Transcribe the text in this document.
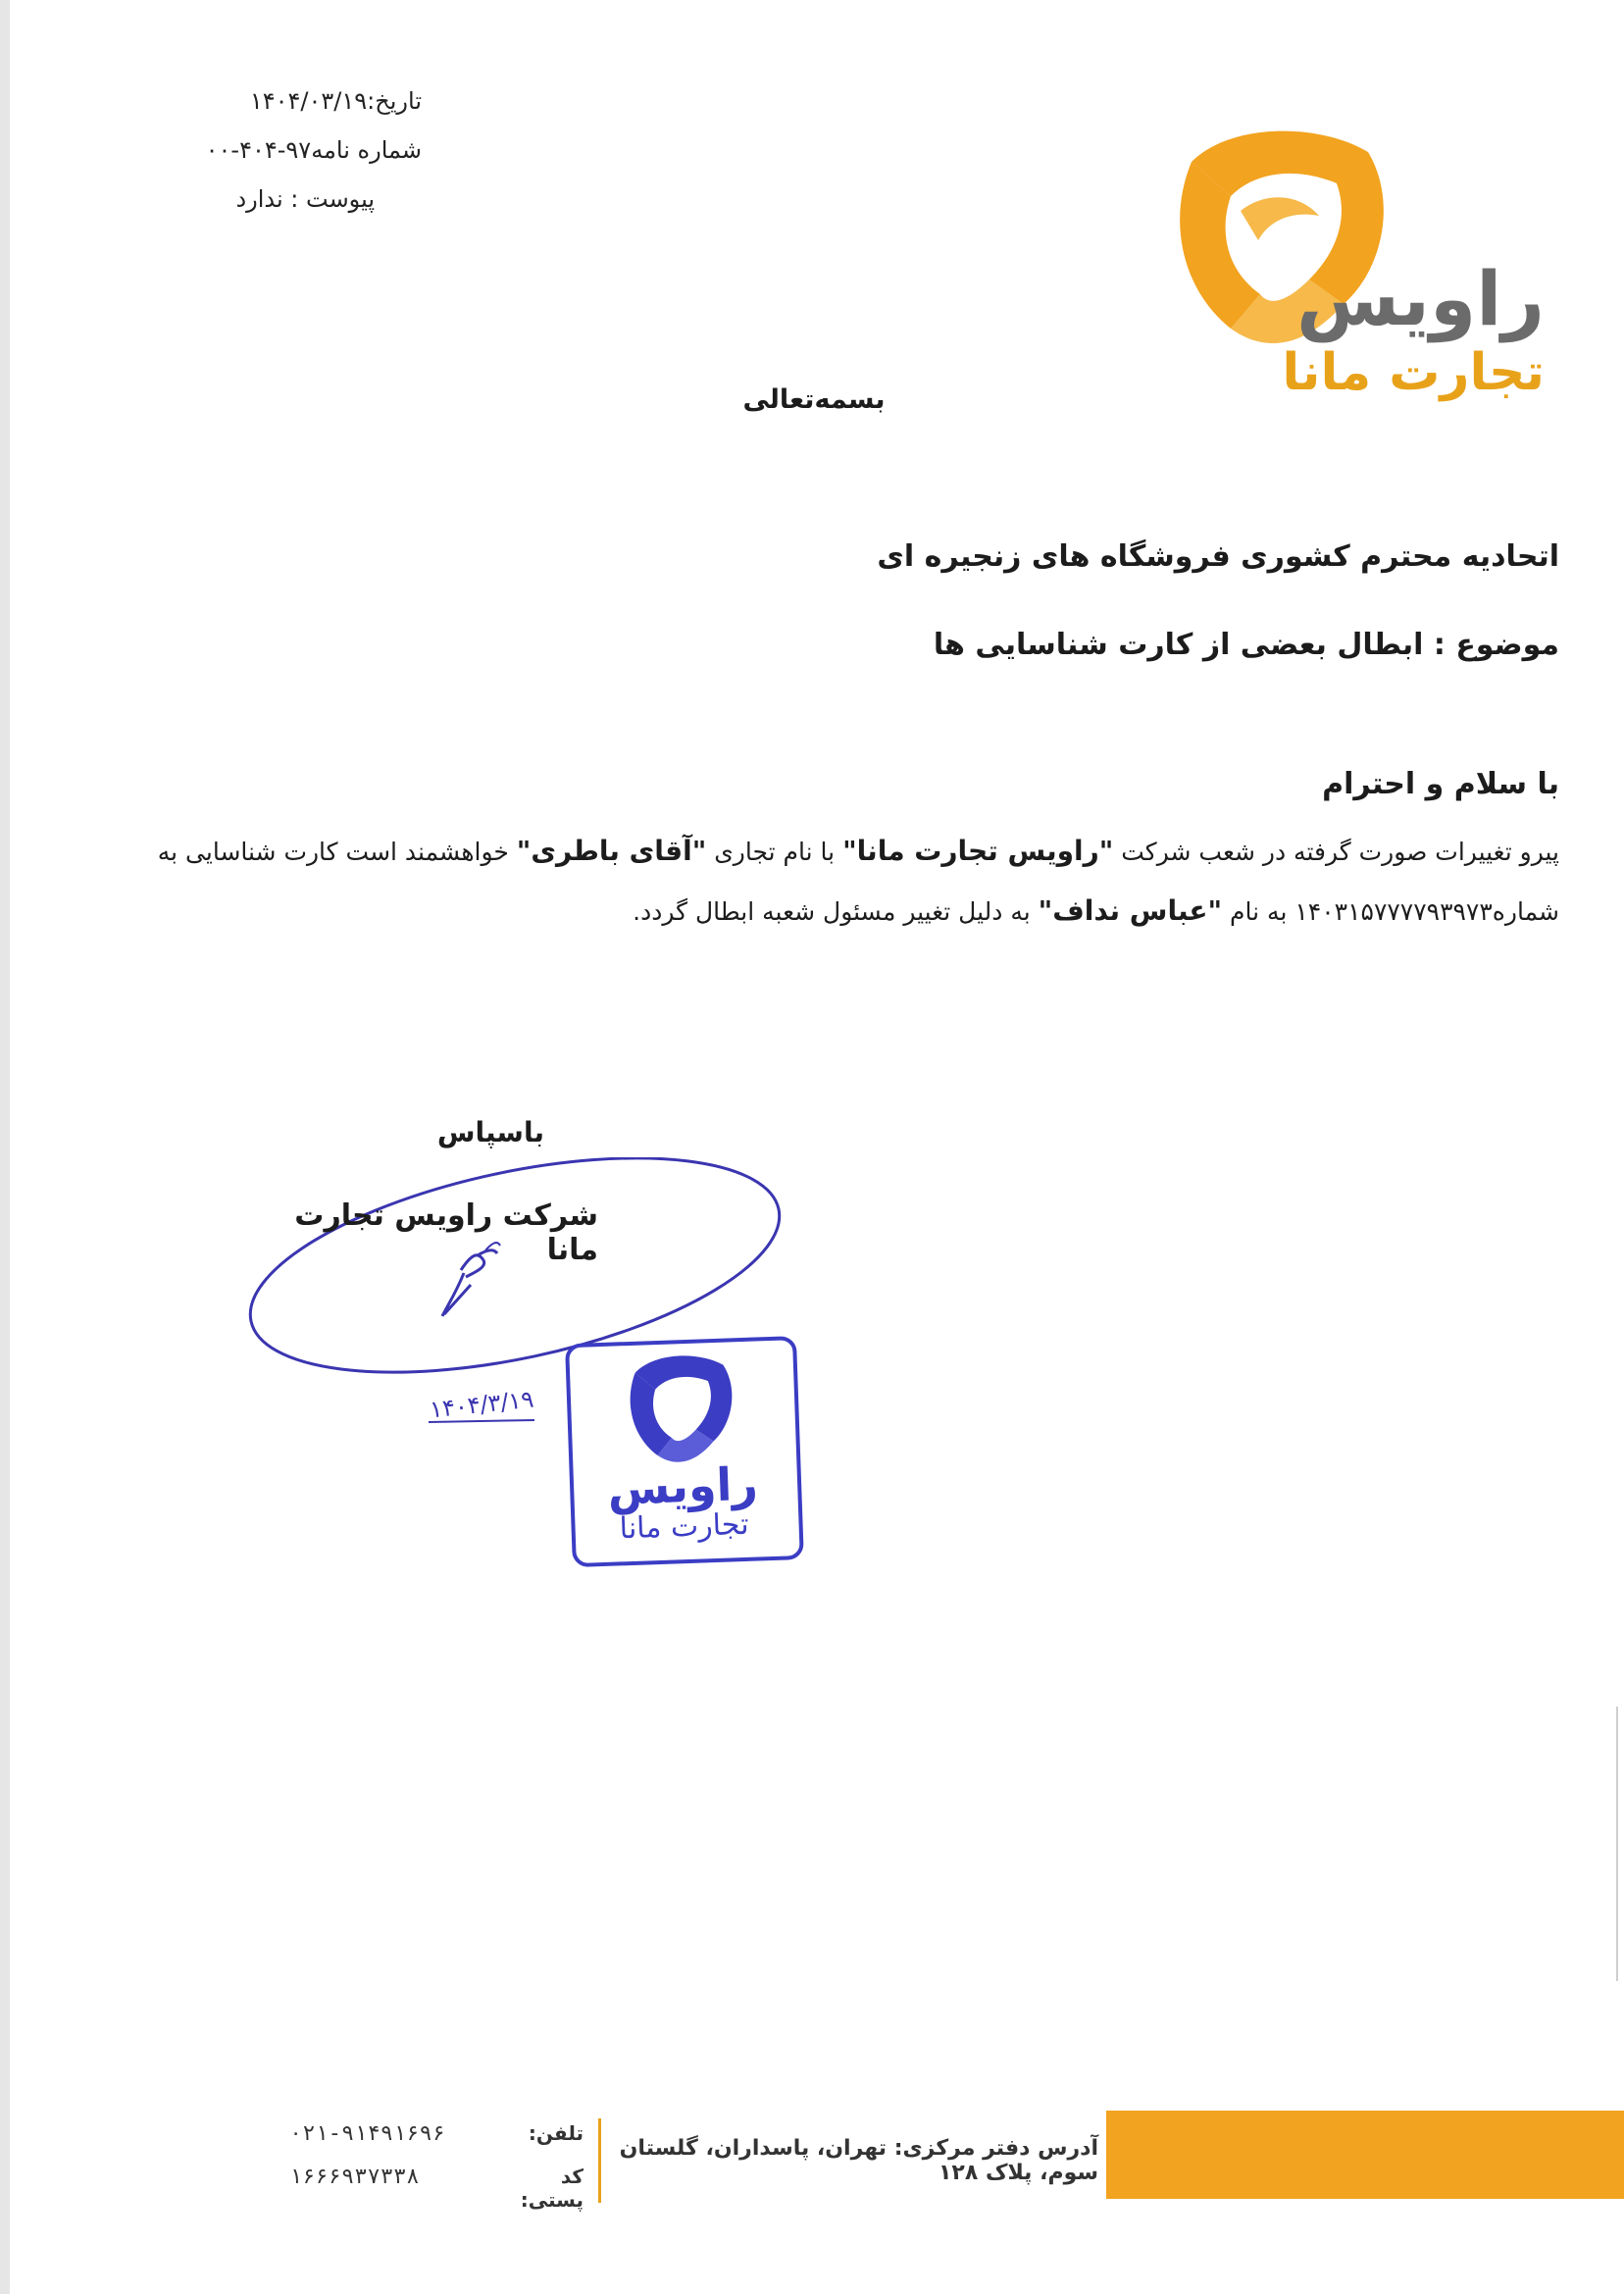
تاریخ:۱۴۰۴/۰۳/۱۹
شماره نامه۹۷-۴۰۴-۰۰
پیوست : ندارد
راویس
تجارت مانا
بسمه‌تعالی
اتحادیه محترم کشوری فروشگاه های زنجیره ای
موضوع : ابطال بعضی از کارت شناسایی ها
با سلام و احترام
پیرو تغییرات صورت گرفته در شعب شرکت "راویس تجارت مانا" با نام تجاری "آقای باطری" خواهشمند است کارت شناسایی به شماره۱۴۰۳۱۵۷۷۷۷۹۳۹۷۳ به نام "عباس نداف" به دلیل تغییر مسئول شعبه ابطال گردد.
باسپاس
شرکت راویس تجارت مانا
۱۴۰۴/۳/۱۹
راویس
تجارت مانا
آدرس دفتر مرکزی: تهران، پاسداران، گلستان سوم، پلاک ۱۲۸
تلفن:
۰۲۱-۹۱۴۹۱۶۹۶
کد پستی:
۱۶۶۶۹۳۷۳۳۸
